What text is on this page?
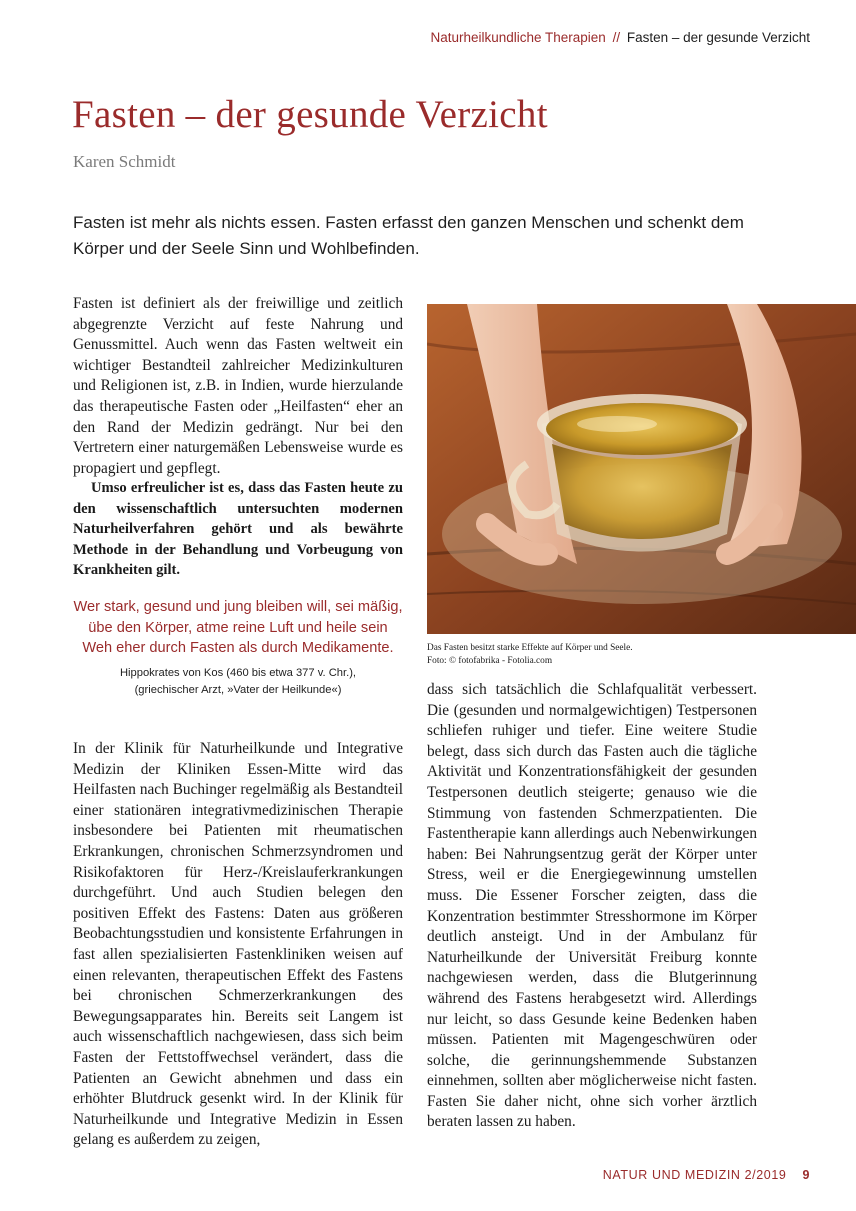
Naturheilkundliche Therapien // Fasten – der gesunde Verzicht
Fasten – der gesunde Verzicht
Karen Schmidt
Fasten ist mehr als nichts essen. Fasten erfasst den ganzen Menschen und schenkt dem Körper und der Seele Sinn und Wohlbefinden.

Fasten ist definiert als der freiwillige und zeitlich abgegrenzte Verzicht auf feste Nahrung und Genussmittel. Auch wenn das Fasten weltweit ein wichtiger Bestandteil zahlreicher Medizinkulturen und Religionen ist, z.B. in Indien, wurde hierzulande das therapeutische Fasten oder „Heilfasten“ eher an den Rand der Medizin gedrängt. Nur bei den Vertretern einer naturgemäßen Lebensweise wurde es propagiert und gepflegt.

Umso erfreulicher ist es, dass das Fasten heute zu den wissenschaftlich untersuchten modernen Naturheilverfahren gehört und als bewährte Methode in der Behandlung und Vorbeugung von Krankheiten gilt.

Wer stark, gesund und jung bleiben will, sei mäßig, übe den Körper, atme reine Luft und heile sein Weh eher durch Fasten als durch Medikamente.

Hippokrates von Kos (460 bis etwa 377 v. Chr.),
(griechischer Arzt, »Vater der Heilkunde«)

In der Klinik für Naturheilkunde und Integrative Medizin der Kliniken Essen-Mitte wird das Heilfasten nach Buchinger regelmäßig als Bestandteil einer stationären integrativmedizinischen Therapie insbesondere bei Patienten mit rheumatischen Erkrankungen, chronischen Schmerzsyndromen und Risikofaktoren für Herz-/Kreislauferkrankungen durchgeführt. Und auch Studien belegen den positiven Effekt des Fastens: Daten aus größeren Beobachtungsstudien und konsistente Erfahrungen in fast allen spezialisierten Fastenkliniken weisen auf einen relevanten, therapeutischen Effekt des Fastens bei chronischen Schmerzerkrankungen des Bewegungsapparates hin. Bereits seit Langem ist auch wissenschaftlich nachgewiesen, dass sich beim Fasten der Fettstoffwechsel verändert, dass die Patienten an Gewicht abnehmen und dass ein erhöhter Blutdruck gesenkt wird. In der Klinik für Naturheilkunde und Integrative Medizin in Essen gelang es außerdem zu zeigen,

Das Fasten besitzt starke Effekte auf Körper und Seele.
Foto: © fotofabrika - Fotolia.com

dass sich tatsächlich die Schlafqualität verbessert. Die (gesunden und normalgewichtigen) Testpersonen schliefen ruhiger und tiefer. Eine weitere Studie belegt, dass sich durch das Fasten auch die tägliche Aktivität und Konzentrationsfähigkeit der gesunden Testpersonen deutlich steigerte; genauso wie die Stimmung von fastenden Schmerzpatienten. Die Fastentherapie kann allerdings auch Nebenwirkungen haben: Bei Nahrungsentzug gerät der Körper unter Stress, weil er die Energiegewinnung umstellen muss. Die Essener Forscher zeigten, dass die Konzentration bestimmter Stresshormone im Körper deutlich ansteigt. Und in der Ambulanz für Naturheilkunde der Universität Freiburg konnte nachgewiesen werden, dass die Blutgerinnung während des Fastens herabgesetzt wird. Allerdings nur leicht, so dass Gesunde keine Bedenken haben müssen. Patienten mit Magengeschwüren oder solche, die gerinnungshemmende Substanzen einnehmen, sollten aber möglicherweise nicht fasten. Fasten Sie daher nicht, ohne sich vorher ärztlich beraten lassen zu haben.

NATUR UND MEDIZIN 2/2019 9
